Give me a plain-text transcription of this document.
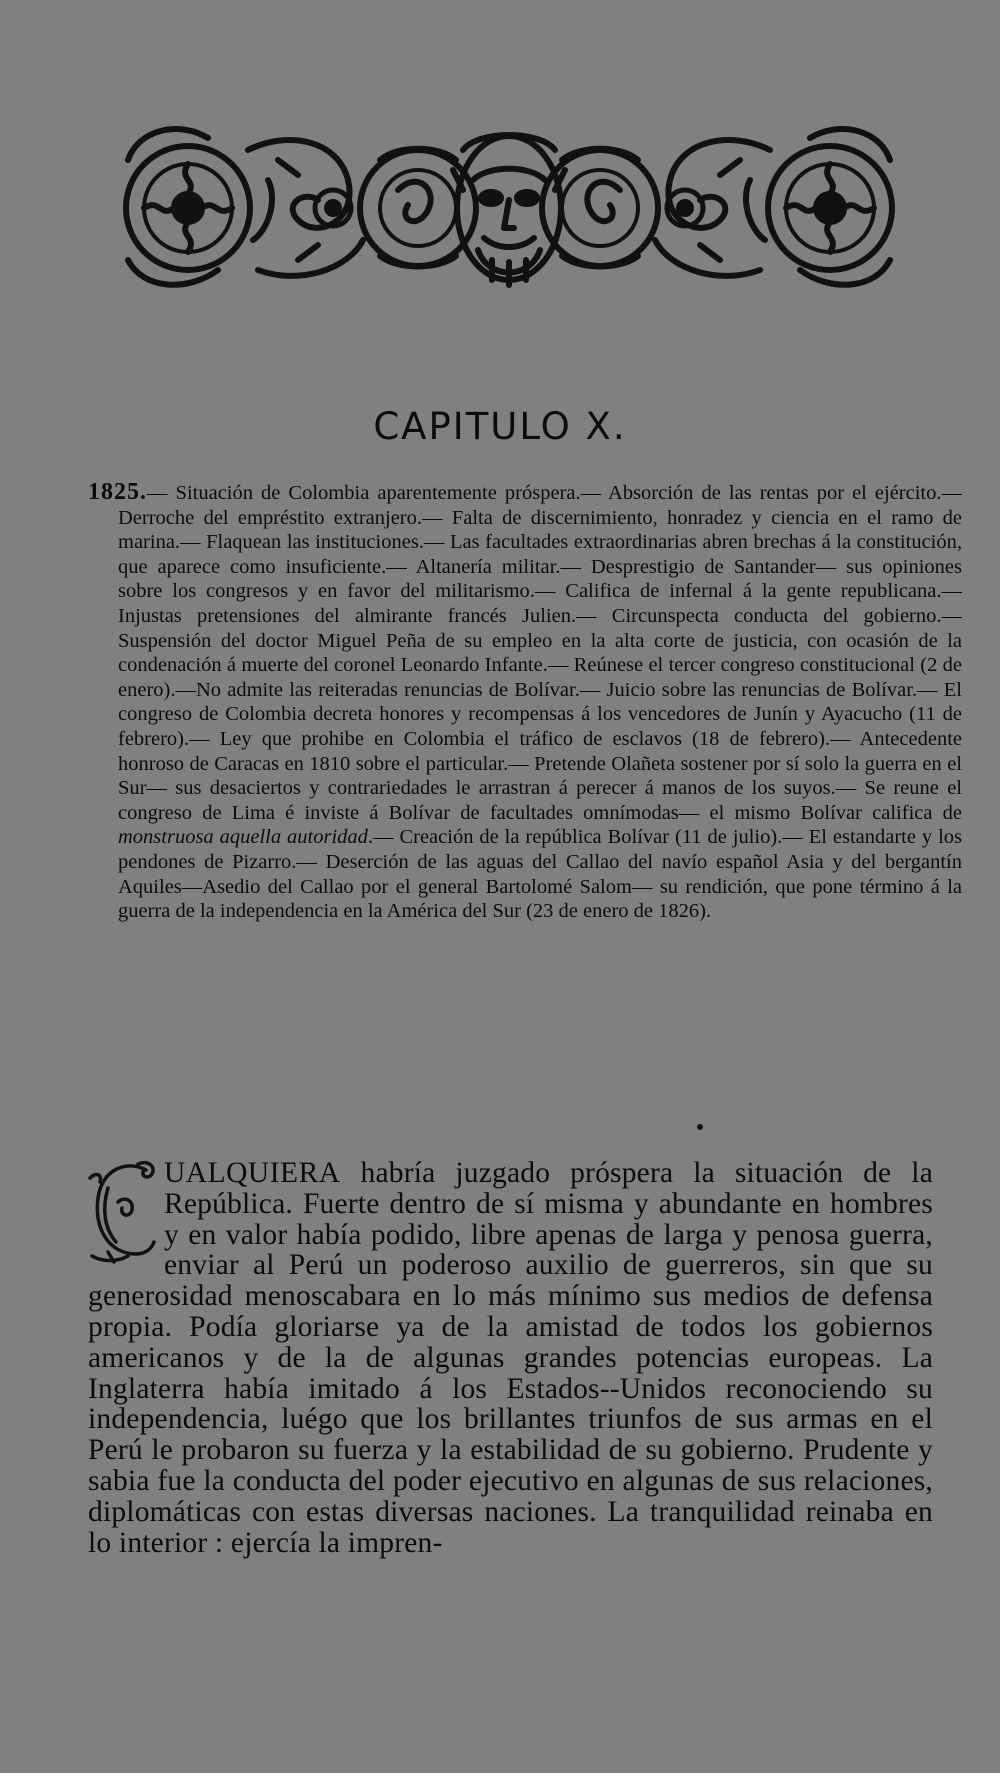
CAPITULO X.

1825.— Situación de Colombia aparentemente próspera.— Absorción de las rentas por el ejército.— Derroche del empréstito extranjero.— Falta de discernimiento, honradez y ciencia en el ramo de marina.— Flaquean las instituciones.— Las facultades extraordinarias abren brechas á la constitución, que aparece como insuficiente.— Altanería militar.— Desprestigio de Santander— sus opiniones sobre los congresos y en favor del militarismo.— Califica de infernal á la gente republicana.— Injustas pretensiones del almirante francés Julien.— Circunspecta conducta del gobierno.— Suspensión del doctor Miguel Peña de su empleo en la alta corte de justicia, con ocasión de la condenación á muerte del coronel Leonardo Infante.— Reúnese el tercer congreso constitucional (2 de enero).—No admite las reiteradas renuncias de Bolívar.— Juicio sobre las renuncias de Bolívar.— El congreso de Colombia decreta honores y recompensas á los vencedores de Junín y Ayacucho (11 de febrero).— Ley que prohibe en Colombia el tráfico de esclavos (18 de febrero).— Antecedente honroso de Caracas en 1810 sobre el particular.— Pretende Olañeta sostener por sí solo la guerra en el Sur— sus desaciertos y contrariedades le arrastran á perecer á manos de los suyos.— Se reune el congreso de Lima é inviste á Bolívar de facultades omnímodas— el mismo Bolívar califica de monstruosa aquella autoridad.— Creación de la república Bolívar (11 de julio).— El estandarte y los pendones de Pizarro.— Deserción de las aguas del Callao del navío español Asia y del bergantín Aquiles—Asedio del Callao por el general Bartolomé Salom— su rendición, que pone término á la guerra de la independencia en la América del Sur (23 de enero de 1826).

UALQUIERA habría juzgado próspera la situación de la República. Fuerte dentro de sí misma y abundante en hombres y en valor había podido, libre apenas de larga y penosa guerra, enviar al Perú un poderoso auxilio de guerreros, sin que su generosidad menoscabara en lo más mínimo sus medios de defensa propia. Podía gloriarse ya de la amistad de todos los gobiernos americanos y de la de algunas grandes potencias europeas. La Inglaterra había imitado á los Estados--Unidos reconociendo su independencia, luégo que los brillantes triunfos de sus armas en el Perú le probaron su fuerza y la estabilidad de su gobierno. Prudente y sabia fue la conducta del poder ejecutivo en algunas de sus relaciones, diplomáticas con estas diversas naciones. La tranquilidad reinaba en lo interior : ejercía la impren-
